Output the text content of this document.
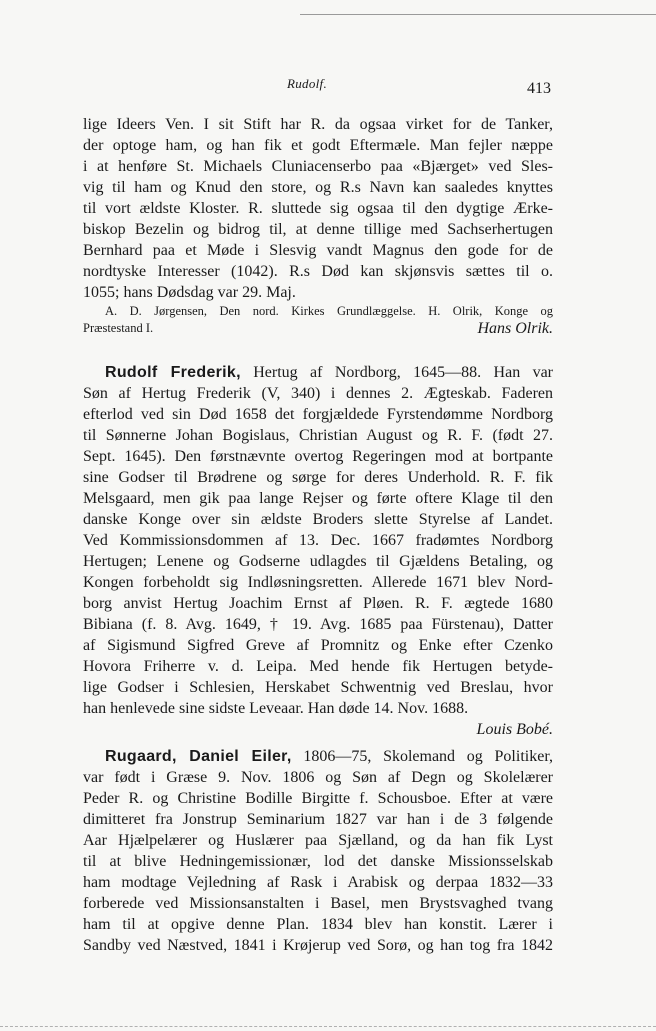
Rudolf.	413
lige Ideers Ven. I sit Stift har R. da ogsaa virket for de Tanker,
der optoge ham, og han fik et godt Eftermæle. Man fejler næppe
i at henføre St. Michaels Cluniacenserbo paa «Bjærget» ved Sles-
vig til ham og Knud den store, og R.s Navn kan saaledes knyttes
til vort ældste Kloster. R. sluttede sig ogsaa til den dygtige Ærke-
biskop Bezelin og bidrog til, at denne tillige med Sachserhertugen
Bernhard paa et Møde i Slesvig vandt Magnus den gode for de
nordtyske Interesser (1042). R.s Død kan skjønsvis sættes til o.
1055; hans Dødsdag var 29. Maj.
A. D. Jørgensen, Den nord. Kirkes Grundlæggelse. H. Olrik, Konge og
Præstestand I.	Hans Olrik.
Rudolf Frederik, Hertug af Nordborg, 1645—88. Han var
Søn af Hertug Frederik (V, 340) i dennes 2. Ægteskab. Faderen
efterlod ved sin Død 1658 det forgjældede Fyrstendømme Nordborg
til Sønnerne Johan Bogislaus, Christian August og R. F. (født 27.
Sept. 1645). Den førstnævnte overtog Regeringen mod at bortpante
sine Godser til Brødrene og sørge for deres Underhold. R. F. fik
Melsgaard, men gik paa lange Rejser og førte oftere Klage til den
danske Konge over sin ældste Broders slette Styrelse af Landet.
Ved Kommissionsdommen af 13. Dec. 1667 fradømtes Nordborg
Hertugen; Lenene og Godserne udlagdes til Gjældens Betaling, og
Kongen forbeholdt sig Indløsningsretten. Allerede 1671 blev Nord-
borg anvist Hertug Joachim Ernst af Pløen. R. F. ægtede 1680
Bibiana (f. 8. Avg. 1649, † 19. Avg. 1685 paa Fürstenau), Datter
af Sigismund Sigfred Greve af Promnitz og Enke efter Czenko
Hovora Friherre v. d. Leipa. Med hende fik Hertugen betydе-
lige Godser i Schlesien, Herskabet Schwentnig ved Breslau, hvor
han henlevede sine sidste Leveaar. Han døde 14. Nov. 1688.
Louis Bobé.
Rugaard, Daniel Eiler, 1806—75, Skolemand og Politiker,
var født i Græse 9. Nov. 1806 og Søn af Degn og Skolelærer
Peder R. og Christine Bodille Birgitte f. Schousboe. Efter at være
dimitteret fra Jonstrup Seminarium 1827 var han i de 3 følgende
Aar Hjælpelærer og Huslærer paa Sjælland, og da han fik Lyst
til at blive Hedningemissionær, lod det danske Missionsselskab
ham modtage Vejledning af Rask i Arabisk og derpaa 1832—33
forberede ved Missionsanstalten i Basel, men Brystsvaghed tvang
ham til at opgive denne Plan. 1834 blev han konstit. Lærer i
Sandby ved Næstved, 1841 i Krøjerup ved Sorø, og han tog fra 1842
